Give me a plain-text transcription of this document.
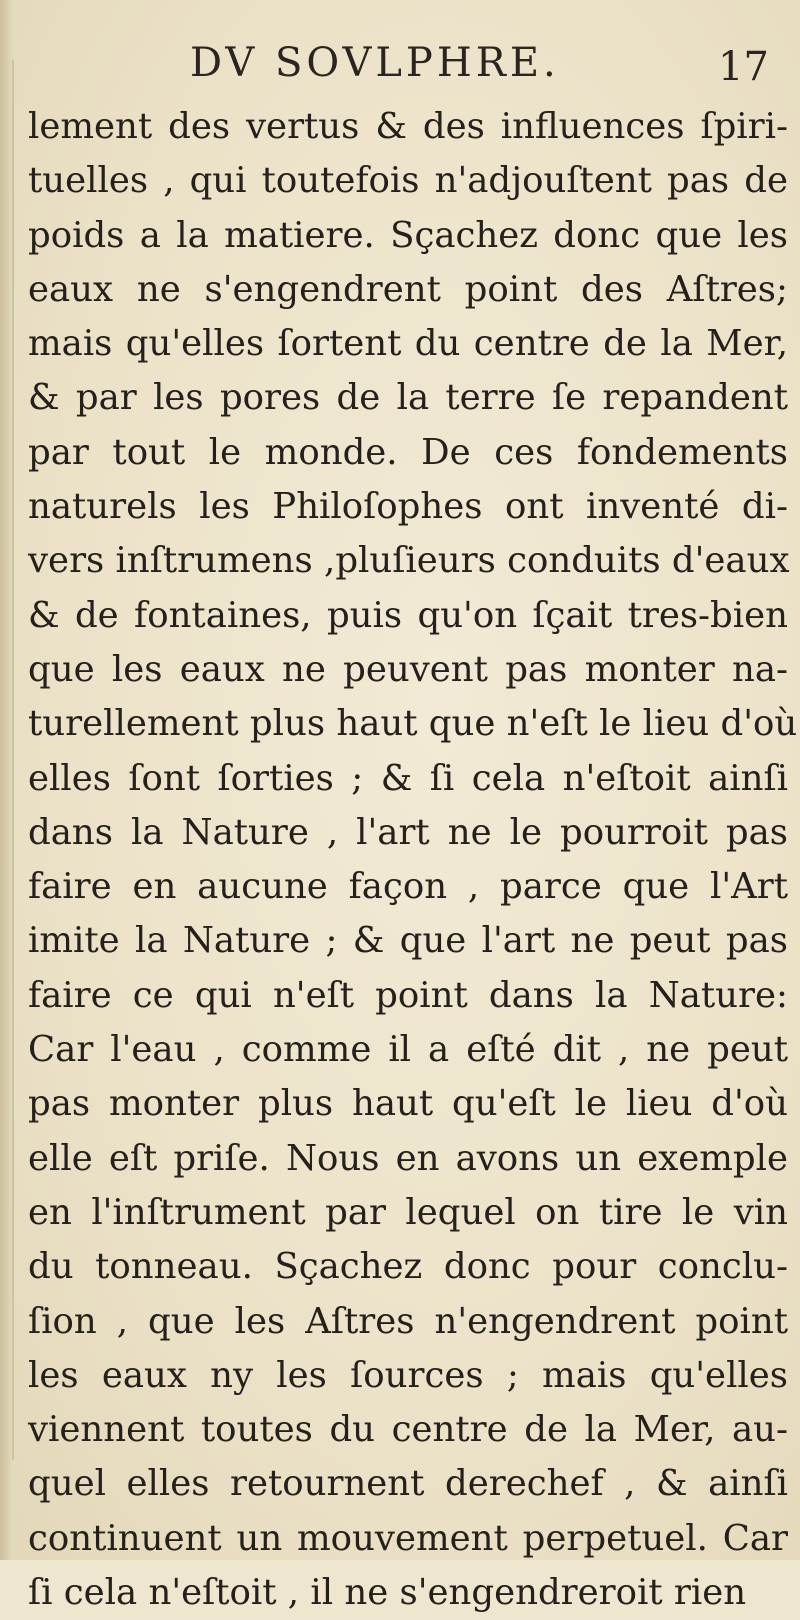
DV SOVLPHRE.	17
lement des vertus & des influences ſpiri-
tuelles , qui toutefois n'adjouſtent pas de
poids a la matiere. Sçachez donc que les
eaux ne s'engendrent point des Aſtres;
mais qu'elles ſortent du centre de la Mer,
& par les pores de la terre ſe repandent
par tout le monde. De ces fondements
naturels les Philoſophes ont inventé di-
vers inſtrumens ,pluſieurs conduits d'eaux
& de fontaines, puis qu'on ſçait tres-bien
que les eaux ne peuvent pas monter na-
turellement plus haut que n'eſt le lieu d'où
elles ſont ſorties ; & ſi cela n'eſtoit ainſi
dans la Nature , l'art ne le pourroit pas
faire en aucune façon , parce que l'Art
imite la Nature ; & que l'art ne peut pas
faire ce qui n'eſt point dans la Nature:
Car l'eau , comme il a eſté dit , ne peut
pas monter plus haut qu'eſt le lieu d'où
elle eſt priſe. Nous en avons un exemple
en l'inſtrument par lequel on tire le vin
du tonneau. Sçachez donc pour conclu-
ſion , que les Aſtres n'engendrent point
les eaux ny les ſources ; mais qu'elles
viennent toutes du centre de la Mer, au-
quel elles retournent derechef , & ainſi
continuent un mouvement perpetuel. Car
ſi cela n'eſtoit , il ne s'engendreroit rien
